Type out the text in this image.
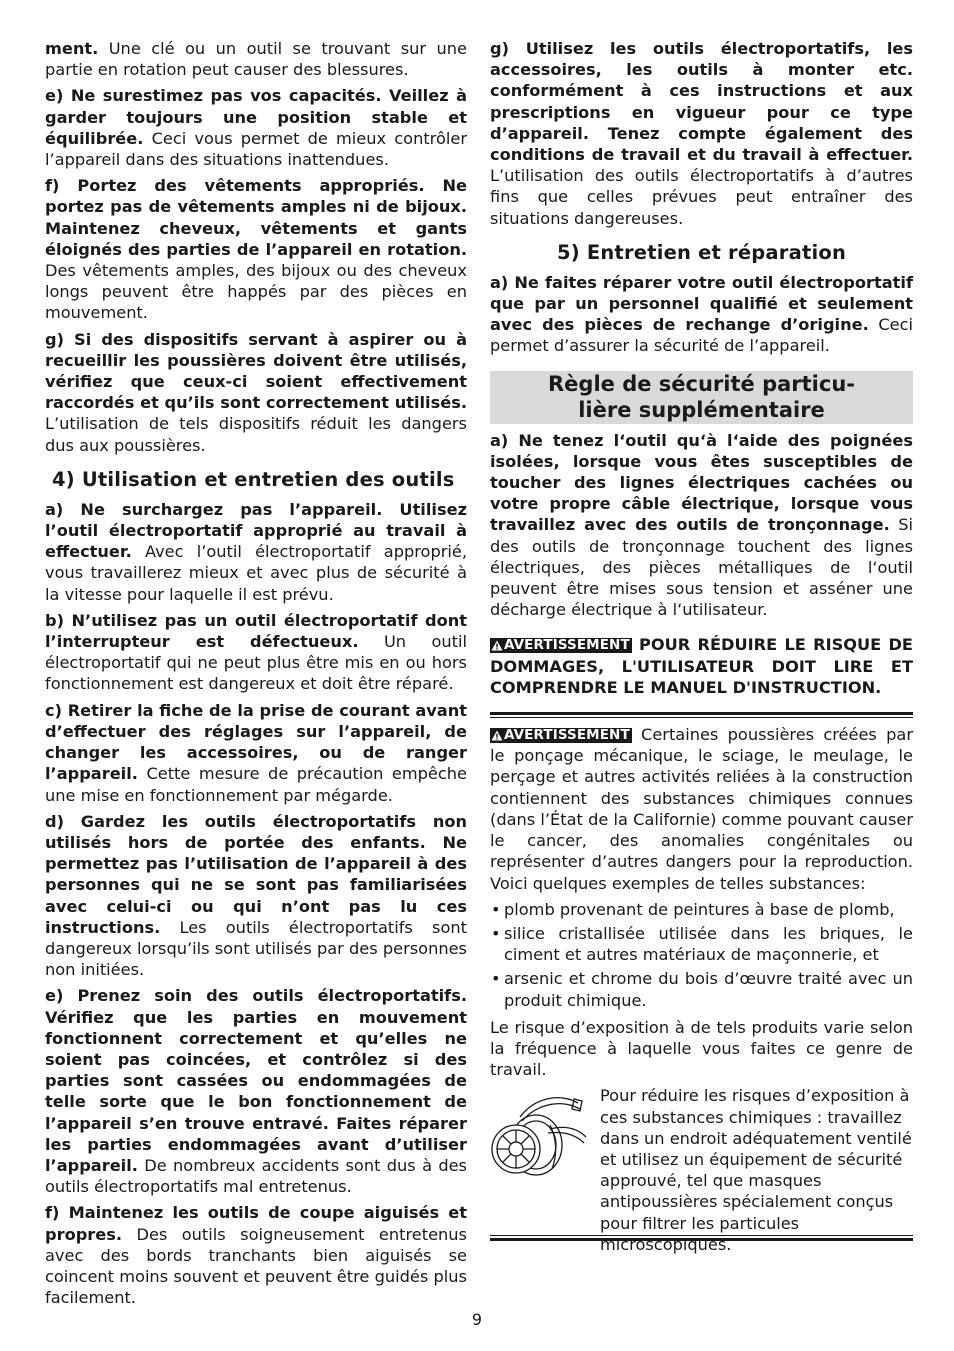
ment. Une clé ou un outil se trouvant sur une partie en rotation peut causer des blessures.

e) Ne surestimez pas vos capacités. Veillez à garder toujours une position stable et équilibrée. Ceci vous permet de mieux contrôler l’appareil dans des situations inattendues.

f) Portez des vêtements appropriés. Ne portez pas de vêtements amples ni de bijoux. Maintenez cheveux, vêtements et gants éloignés des parties de l’appareil en rotation. Des vêtements amples, des bijoux ou des cheveux longs peuvent être happés par des pièces en mouvement.

g) Si des dispositifs servant à aspirer ou à recueillir les poussières doivent être utilisés, vérifiez que ceux-ci soient effectivement raccordés et qu’ils sont correctement utilisés. L’utilisation de tels dispositifs réduit les dangers dus aux poussières.

4) Utilisation et entretien des outils

a) Ne surchargez pas l’appareil. Utilisez l’outil électroportatif approprié au travail à effectuer. Avec l’outil électroportatif approprié, vous travaillerez mieux et avec plus de sécurité à la vitesse pour laquelle il est prévu.

b) N’utilisez pas un outil électroportatif dont l’interrupteur est défectueux. Un outil électroportatif qui ne peut plus être mis en ou hors fonctionnement est dangereux et doit être réparé.

c) Retirer la fiche de la prise de courant avant d’effectuer des réglages sur l’appareil, de changer les accessoires, ou de ranger l’appareil. Cette mesure de précaution empêche une mise en fonctionnement par mégarde.

d) Gardez les outils électroportatifs non utilisés hors de portée des enfants. Ne permettez pas l’utilisation de l’appareil à des personnes qui ne se sont pas familiarisées avec celui-ci ou qui n’ont pas lu ces instructions. Les outils électroportatifs sont dangereux lorsqu’ils sont utilisés par des personnes non initiées.

e) Prenez soin des outils électroportatifs. Vérifiez que les parties en mouvement fonctionnent correctement et qu’elles ne soient pas coincées, et contrôlez si des parties sont cassées ou endommagées de telle sorte que le bon fonctionnement de l’appareil s’en trouve entravé. Faites réparer les parties endommagées avant d’utiliser l’appareil. De nombreux accidents sont dus à des outils électroportatifs mal entretenus.

f) Maintenez les outils de coupe aiguisés et propres. Des outils soigneusement entretenus avec des bords tranchants bien aiguisés se coincent moins souvent et peuvent être guidés plus facilement.

g) Utilisez les outils électroportatifs, les accessoires, les outils à monter etc. conformément à ces instructions et aux prescriptions en vigueur pour ce type d’appareil. Tenez compte également des conditions de travail et du travail à effectuer. L’utilisation des outils électroportatifs à d’autres fins que celles prévues peut entraîner des situations dangereuses.

5) Entretien et réparation

a) Ne faites réparer votre outil électroportatif que par un personnel qualifié et seulement avec des pièces de rechange d’origine. Ceci permet d’assurer la sécurité de l’appareil.

Règle de sécurité particu-
lière supplémentaire

a) Ne tenez l‘outil qu‘à l‘aide des poignées isolées, lorsque vous êtes susceptibles de toucher des lignes électriques cachées ou votre propre câble électrique, lorsque vous travaillez avec des outils de tronçonnage. Si des outils de tronçonnage touchent des lignes électriques, des pièces métalliques de l‘outil peuvent être mises sous tension et asséner une décharge électrique à l‘utilisateur.

AVERTISSEMENT POUR RÉDUIRE LE RISQUE DE DOMMAGES, L'UTILISATEUR DOIT LIRE ET COMPRENDRE LE MANUEL D'INSTRUCTION.

AVERTISSEMENT Certaines poussières créées par le ponçage mécanique, le sciage, le meulage, le perçage et autres activités reliées à la construction contiennent des substances chimiques connues (dans l’État de la Californie) comme pouvant causer le cancer, des anomalies congénitales ou représenter d’autres dangers pour la reproduction. Voici quelques exemples de telles substances:

• plomb provenant de peintures à base de plomb,
• silice cristallisée utilisée dans les briques, le ciment et autres matériaux de maçonnerie, et
• arsenic et chrome du bois d’œuvre traité avec un produit chimique.

Le risque d’exposition à de tels produits varie selon la fréquence à laquelle vous faites ce genre de travail.

Pour réduire les risques d’exposition à ces substances chimiques : travaillez dans un endroit adéquatement ventilé et utilisez un équipement de sécurité approuvé, tel que masques antipoussières spécialement conçus pour filtrer les particules microscopiques.
9
